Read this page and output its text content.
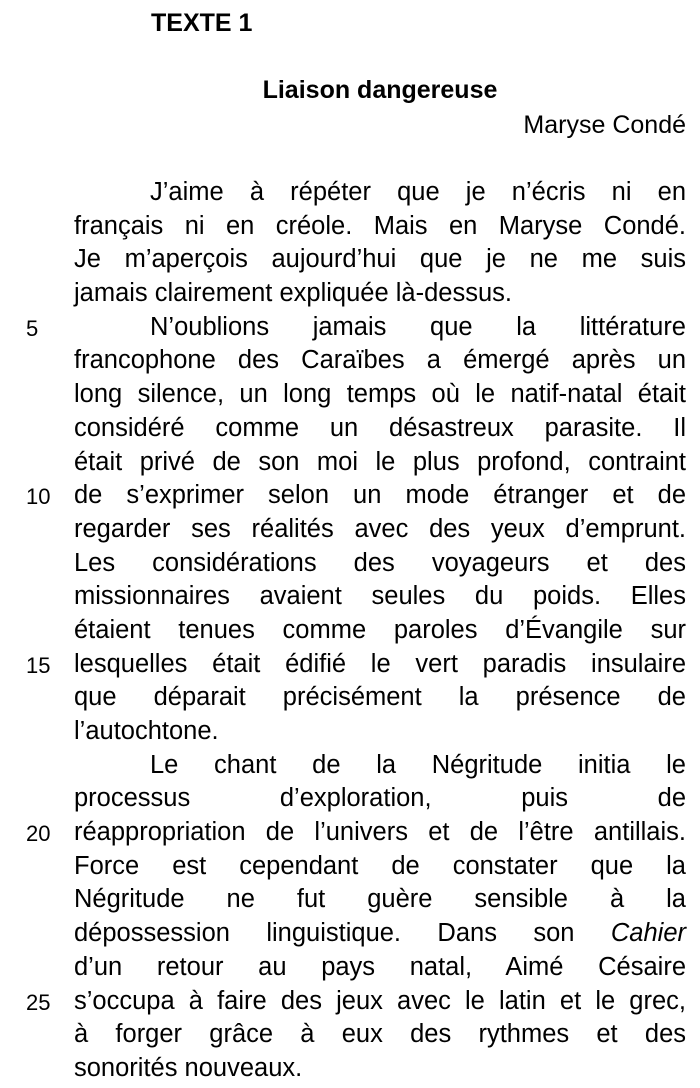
TEXTE 1
Liaison dangereuse
Maryse Condé
J’aime à répéter que je n’écris ni en
français ni en créole. Mais en Maryse Condé.
Je m’aperçois aujourd’hui que je ne me suis
jamais clairement expliquée là-dessus.
5	N’oublions jamais que la littérature
francophone des Caraïbes a émergé après un
long silence, un long temps où le natif-natal était
considéré comme un désastreux parasite. Il
était privé de son moi le plus profond, contraint
10 de s’exprimer selon un mode étranger et de
regarder ses réalités avec des yeux d’emprunt.
Les considérations des voyageurs et des
missionnaires avaient seules du poids. Elles
étaient tenues comme paroles d’Évangile sur
15 lesquelles était édifié le vert paradis insulaire
que déparait précisément la présence de
l’autochtone.
Le chant de la Négritude initia le
processus d’exploration, puis de
20 réappropriation de l’univers et de l’être antillais.
Force est cependant de constater que la
Négritude ne fut guère sensible à la
dépossession linguistique. Dans son Cahier
d’un retour au pays natal, Aimé Césaire
25 s’occupa à faire des jeux avec le latin et le grec,
à forger grâce à eux des rythmes et des
sonorités nouveaux.
